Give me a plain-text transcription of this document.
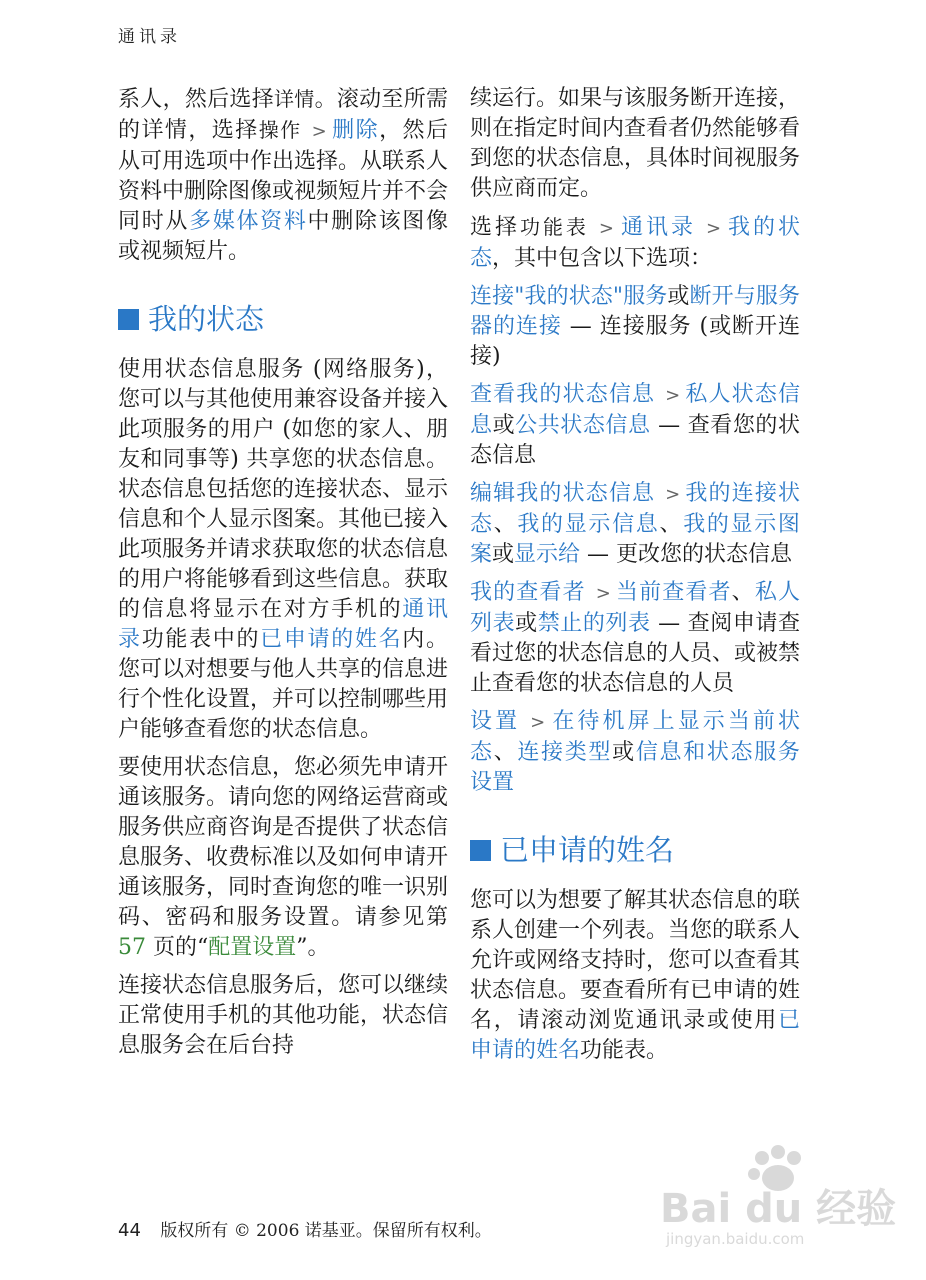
通讯录

系人，然后选择详情。滚动至所需的详情，选择操作 > 删除，然后从可用选项中作出选择。从联系人资料中删除图像或视频短片并不会同时从多媒体资料中删除该图像或视频短片。

我的状态

使用状态信息服务 (网络服务)，您可以与其他使用兼容设备并接入此项服务的用户 (如您的家人、朋友和同事等) 共享您的状态信息。状态信息包括您的连接状态、显示信息和个人显示图案。其他已接入此项服务并请求获取您的状态信息的用户将能够看到这些信息。获取的信息将显示在对方手机的通讯录功能表中的已申请的姓名内。您可以对想要与他人共享的信息进行个性化设置，并可以控制哪些用户能够查看您的状态信息。

要使用状态信息，您必须先申请开通该服务。请向您的网络运营商或服务供应商咨询是否提供了状态信息服务、收费标准以及如何申请开通该服务，同时查询您的唯一识别码、密码和服务设置。请参见第 57 页的“配置设置”。

连接状态信息服务后，您可以继续正常使用手机的其他功能，状态信息服务会在后台持

续运行。如果与该服务断开连接，则在指定时间内查看者仍然能够看到您的状态信息，具体时间视服务供应商而定。

选择功能表 > 通讯录 > 我的状态，其中包含以下选项：

连接"我的状态"服务或断开与服务器的连接 — 连接服务 (或断开连接)

查看我的状态信息 > 私人状态信息或公共状态信息 — 查看您的状态信息

编辑我的状态信息 > 我的连接状态、我的显示信息、我的显示图案或显示给 — 更改您的状态信息

我的查看者 > 当前查看者、私人列表或禁止的列表 — 查阅申请查看过您的状态信息的人员、或被禁止查看您的状态信息的人员

设置 > 在待机屏上显示当前状态、连接类型或信息和状态服务设置

已申请的姓名

您可以为想要了解其状态信息的联系人创建一个列表。当您的联系人允许或网络支持时，您可以查看其状态信息。要查看所有已申请的姓名，请滚动浏览通讯录或使用已申请的姓名功能表。

44 版权所有 © 2006 诺基亚。保留所有权利。	Bai du 经验
jingyan.baidu.com
